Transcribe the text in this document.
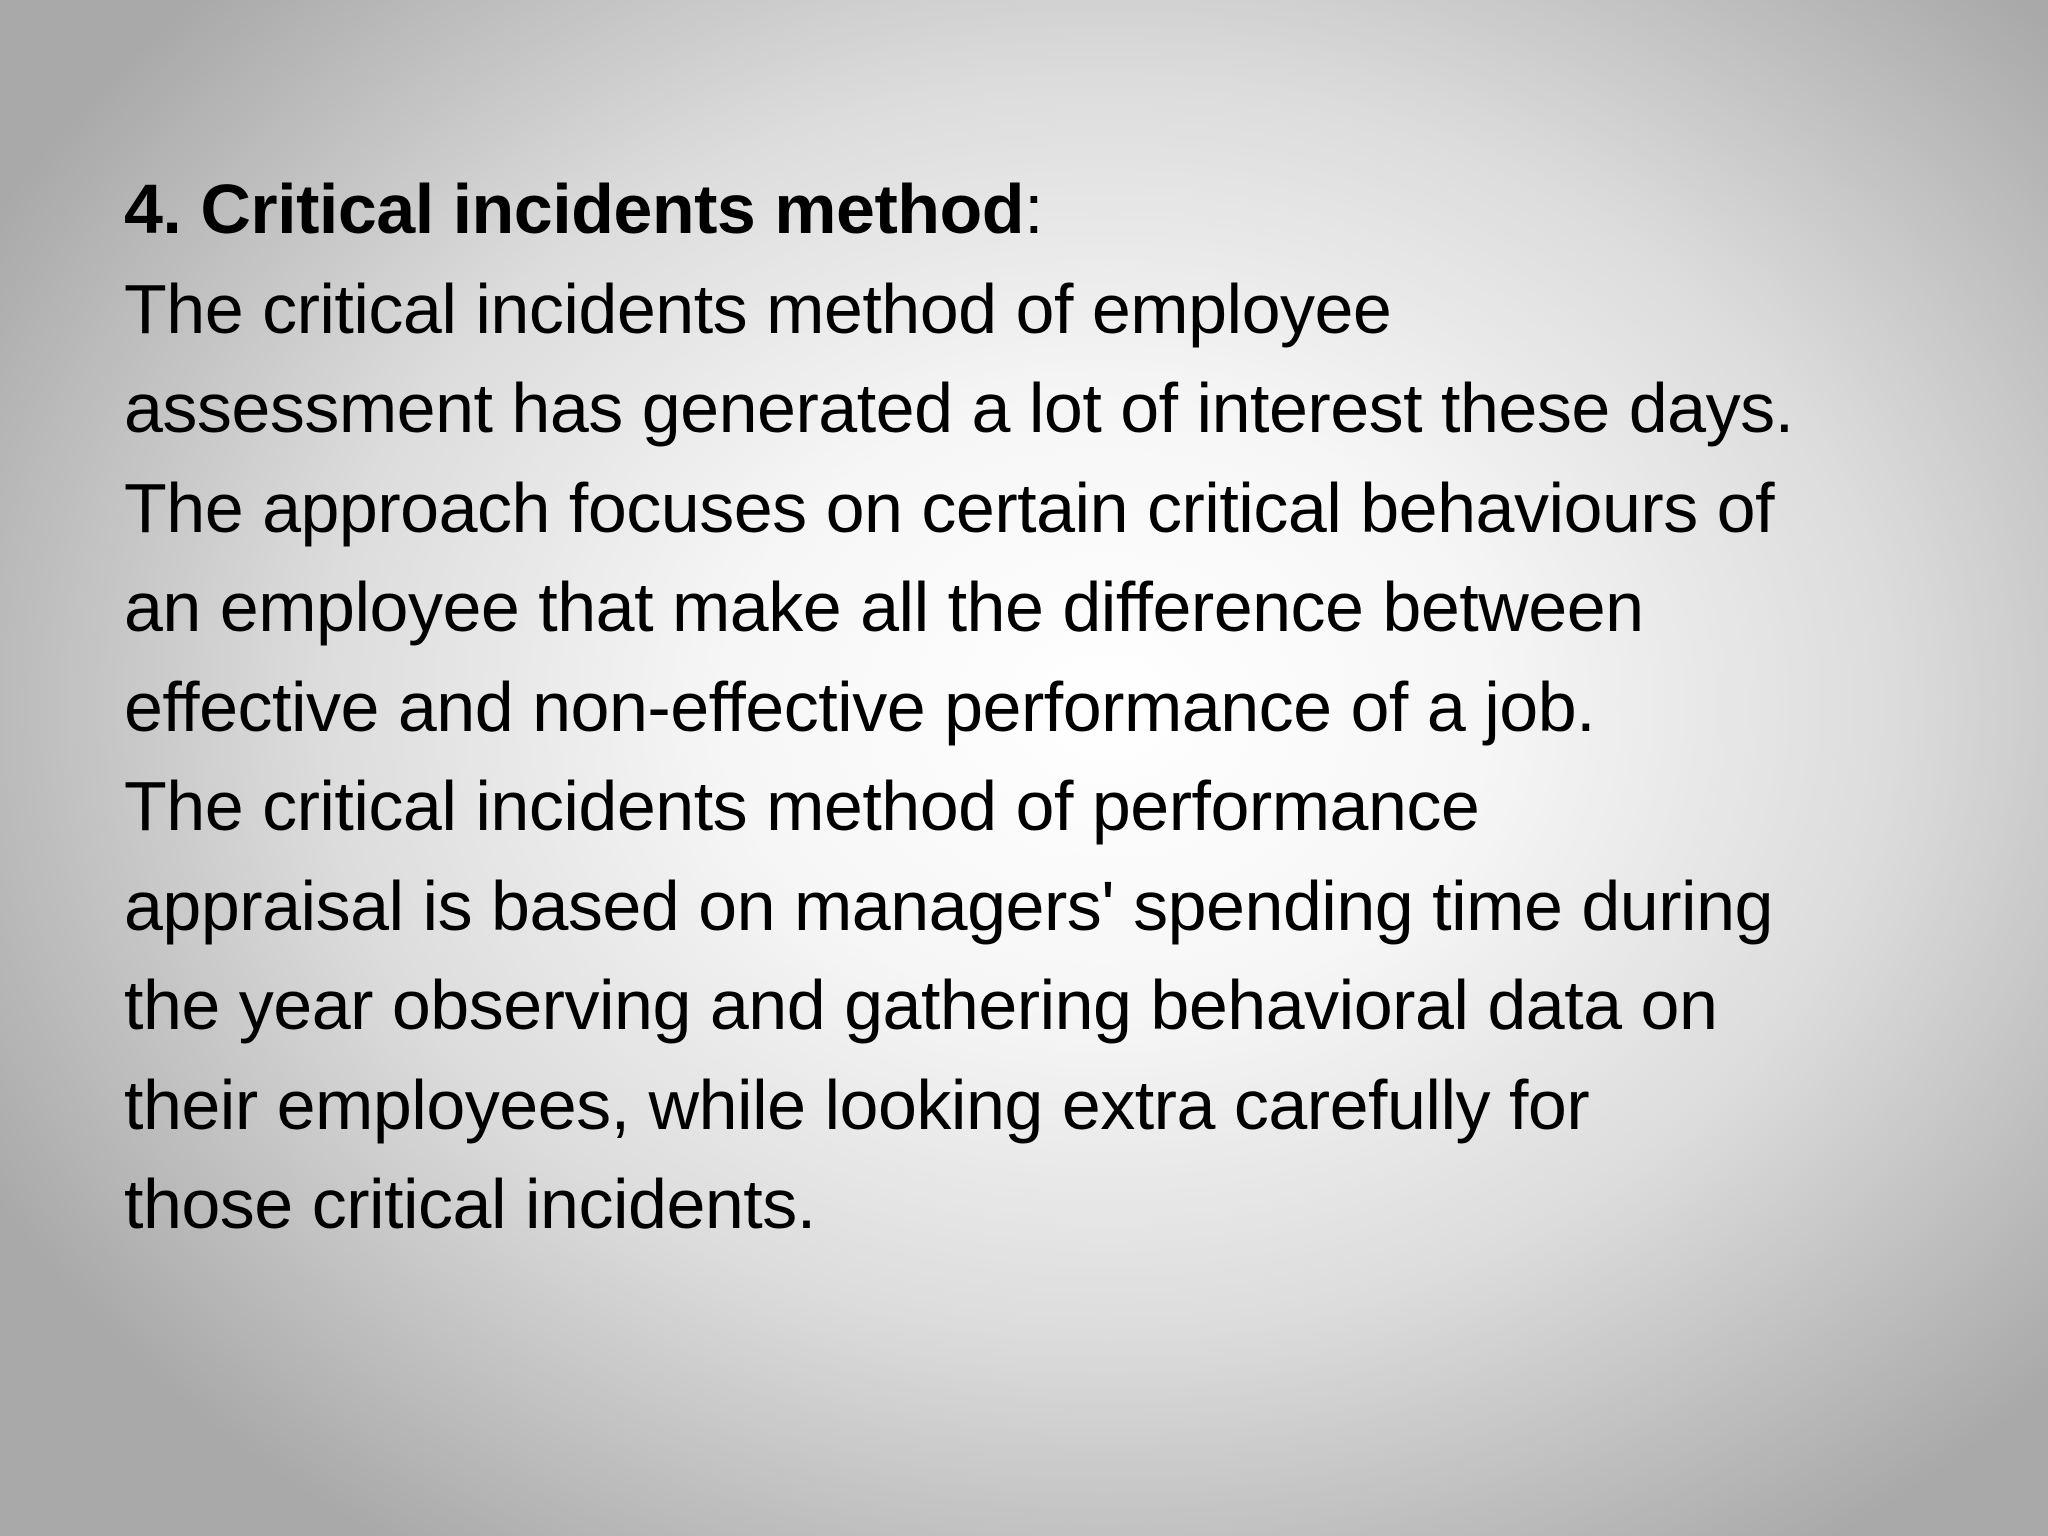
4. Critical incidents method:
The critical incidents method of employee
assessment has generated a lot of interest these days.
The approach focuses on certain critical behaviours of
an employee that make all the difference between
effective and non-effective performance of a job.
The critical incidents method of performance
appraisal is based on managers' spending time during
the year observing and gathering behavioral data on
their employees, while looking extra carefully for
those critical incidents.
